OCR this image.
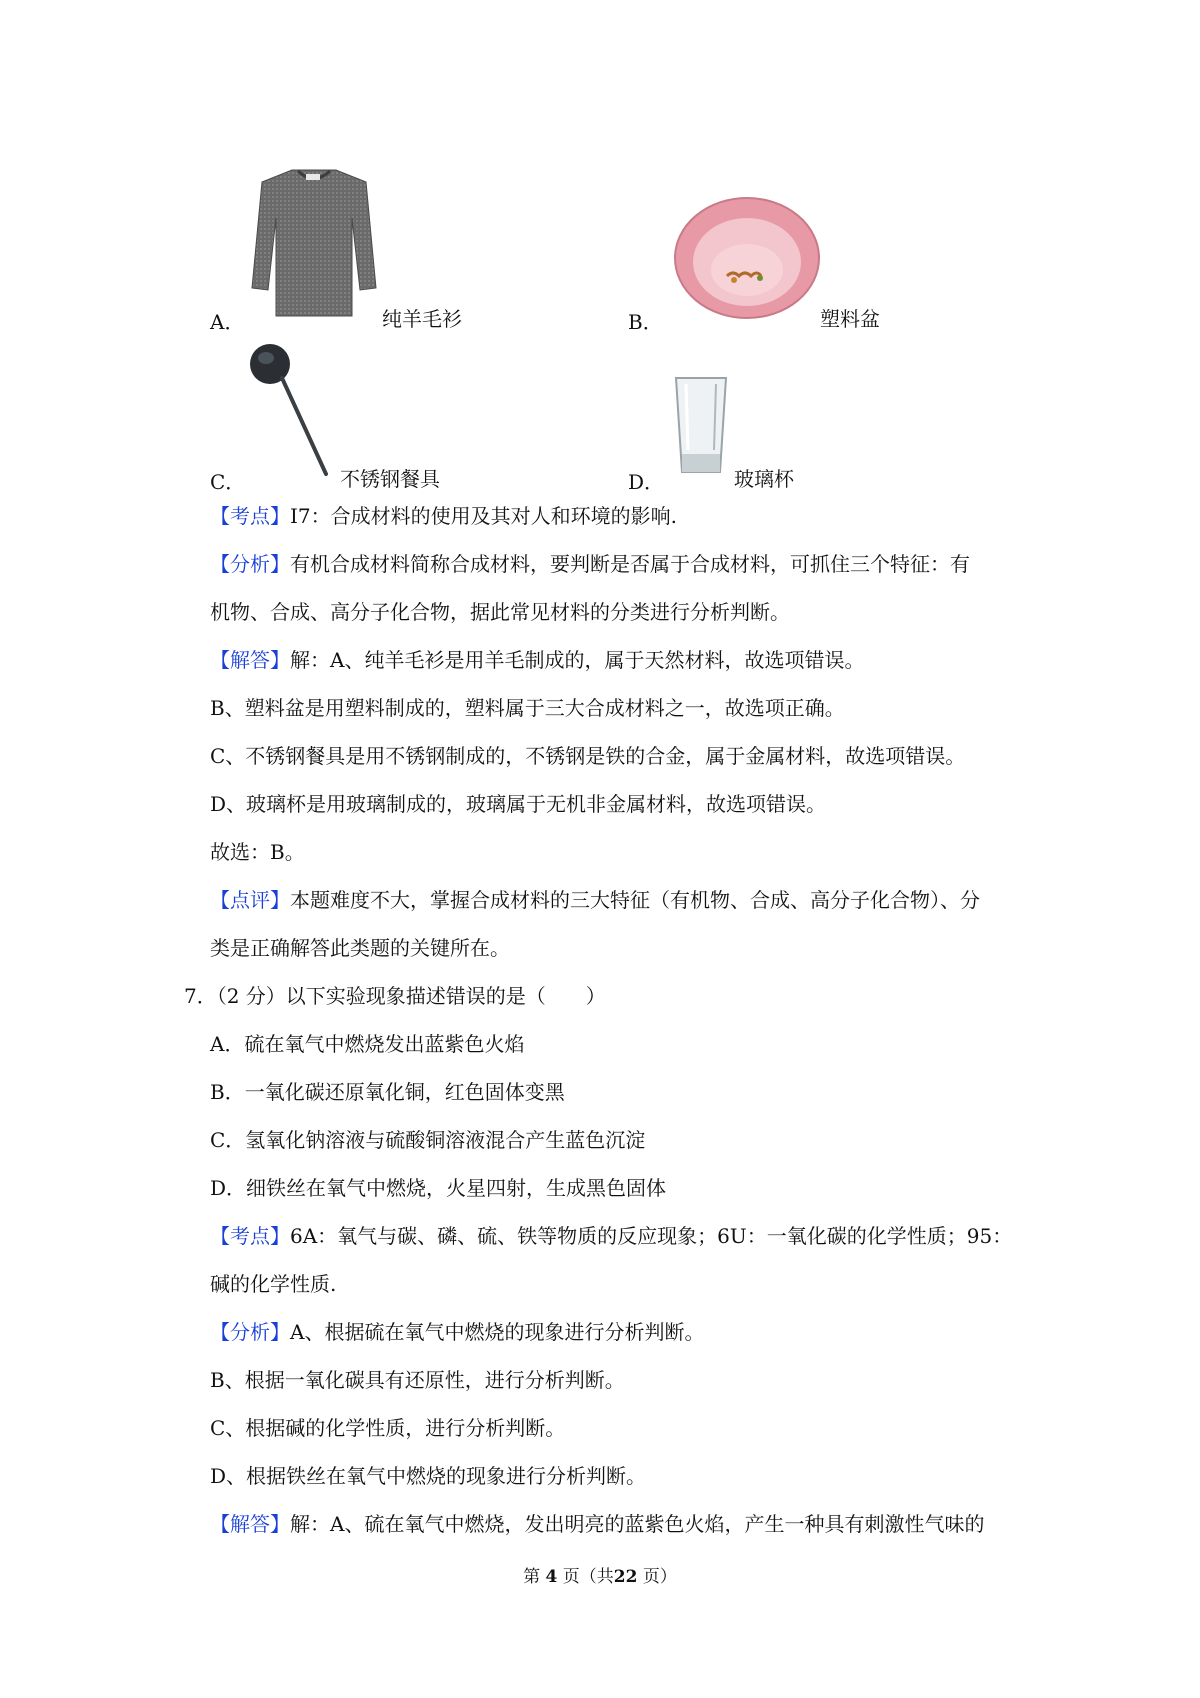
A．	纯羊毛衫	B．	塑料盆
C．	不锈钢餐具	D．	玻璃杯
【考点】I7：合成材料的使用及其对人和环境的影响.
【分析】有机合成材料简称合成材料，要判断是否属于合成材料，可抓住三个特征：有
机物、合成、高分子化合物，据此常见材料的分类进行分析判断。
【解答】解：A、纯羊毛衫是用羊毛制成的，属于天然材料，故选项错误。
B、塑料盆是用塑料制成的，塑料属于三大合成材料之一，故选项正确。
C、不锈钢餐具是用不锈钢制成的，不锈钢是铁的合金，属于金属材料，故选项错误。
D、玻璃杯是用玻璃制成的，玻璃属于无机非金属材料，故选项错误。
故选：B。
【点评】本题难度不大，掌握合成材料的三大特征（有机物、合成、高分子化合物）、分
类是正确解答此类题的关键所在。
7．（2 分）以下实验现象描述错误的是（　　）
A．硫在氧气中燃烧发出蓝紫色火焰
B．一氧化碳还原氧化铜，红色固体变黑
C．氢氧化钠溶液与硫酸铜溶液混合产生蓝色沉淀
D．细铁丝在氧气中燃烧，火星四射，生成黑色固体
【考点】6A：氧气与碳、磷、硫、铁等物质的反应现象；6U：一氧化碳的化学性质；95：
碱的化学性质.
【分析】A、根据硫在氧气中燃烧的现象进行分析判断。
B、根据一氧化碳具有还原性，进行分析判断。
C、根据碱的化学性质，进行分析判断。
D、根据铁丝在氧气中燃烧的现象进行分析判断。
【解答】解：A、硫在氧气中燃烧，发出明亮的蓝紫色火焰，产生一种具有刺激性气味的
第 4 页（共22 页）
